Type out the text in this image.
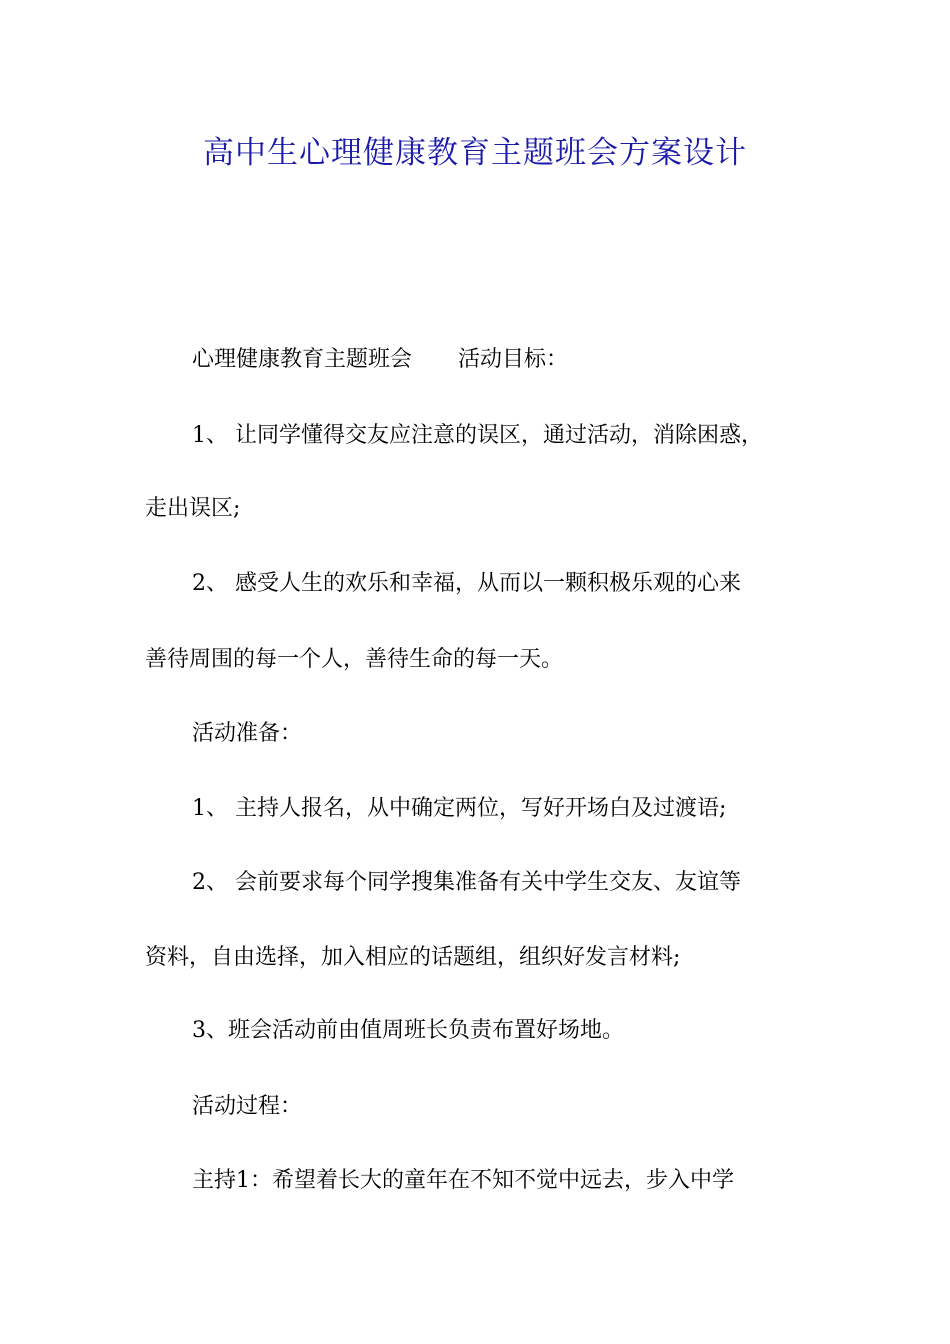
高中生心理健康教育主题班会方案设计
心理健康教育主题班会 活动目标：
1、 让同学懂得交友应注意的误区，通过活动，消除困惑，
走出误区;
2、 感受人生的欢乐和幸福，从而以一颗积极乐观的心来
善待周围的每一个人，善待生命的每一天。
活动准备：
1、 主持人报名，从中确定两位，写好开场白及过渡语;
2、 会前要求每个同学搜集准备有关中学生交友、友谊等
资料，自由选择，加入相应的话题组，组织好发言材料;
3、班会活动前由值周班长负责布置好场地。
活动过程：
主持1：希望着长大的童年在不知不觉中远去，步入中学
